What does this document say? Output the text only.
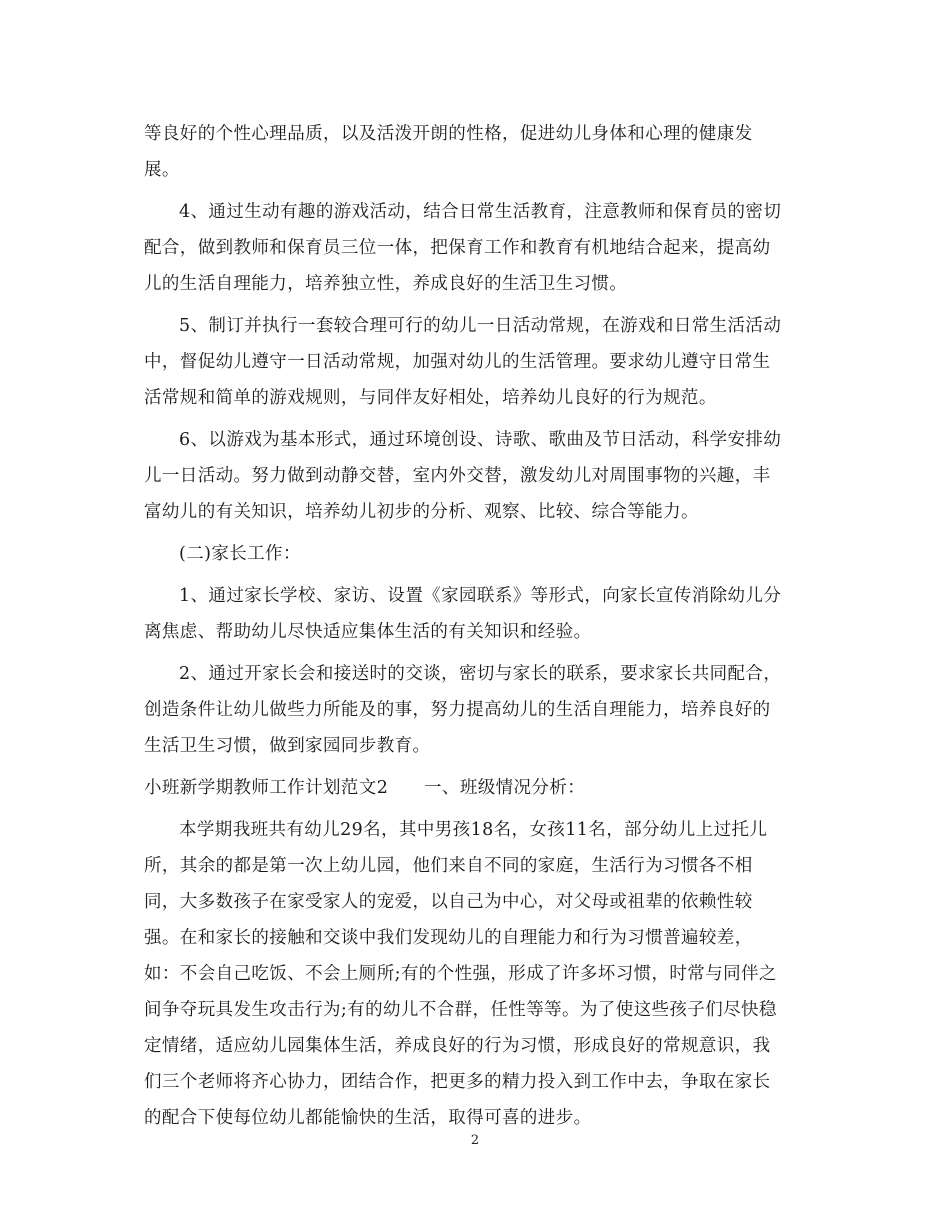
等良好的个性心理品质，以及活泼开朗的性格，促进幼儿身体和心理的健康发
展。
4、通过生动有趣的游戏活动，结合日常生活教育，注意教师和保育员的密切
配合，做到教师和保育员三位一体，把保育工作和教育有机地结合起来，提高幼
儿的生活自理能力，培养独立性，养成良好的生活卫生习惯。
5、制订并执行一套较合理可行的幼儿一日活动常规，在游戏和日常生活活动
中，督促幼儿遵守一日活动常规，加强对幼儿的生活管理。要求幼儿遵守日常生
活常规和简单的游戏规则，与同伴友好相处，培养幼儿良好的行为规范。
6、以游戏为基本形式，通过环境创设、诗歌、歌曲及节日活动，科学安排幼
儿一日活动。努力做到动静交替，室内外交替，激发幼儿对周围事物的兴趣，丰
富幼儿的有关知识，培养幼儿初步的分析、观察、比较、综合等能力。
(二)家长工作：
1、通过家长学校、家访、设置《家园联系》等形式，向家长宣传消除幼儿分
离焦虑、帮助幼儿尽快适应集体生活的有关知识和经验。
2、通过开家长会和接送时的交谈，密切与家长的联系，要求家长共同配合，
创造条件让幼儿做些力所能及的事，努力提高幼儿的生活自理能力，培养良好的
生活卫生习惯，做到家园同步教育。
小班新学期教师工作计划范文2　　一、班级情况分析：
本学期我班共有幼儿29名，其中男孩18名，女孩11名，部分幼儿上过托儿
所，其余的都是第一次上幼儿园，他们来自不同的家庭，生活行为习惯各不相
同，大多数孩子在家受家人的宠爱，以自己为中心，对父母或祖辈的依赖性较
强。在和家长的接触和交谈中我们发现幼儿的自理能力和行为习惯普遍较差，
如：不会自己吃饭、不会上厕所;有的个性强，形成了许多坏习惯，时常与同伴之
间争夺玩具发生攻击行为;有的幼儿不合群，任性等等。为了使这些孩子们尽快稳
定情绪，适应幼儿园集体生活，养成良好的行为习惯，形成良好的常规意识，我
们三个老师将齐心协力，团结合作，把更多的精力投入到工作中去，争取在家长
的配合下使每位幼儿都能愉快的生活，取得可喜的进步。
2
